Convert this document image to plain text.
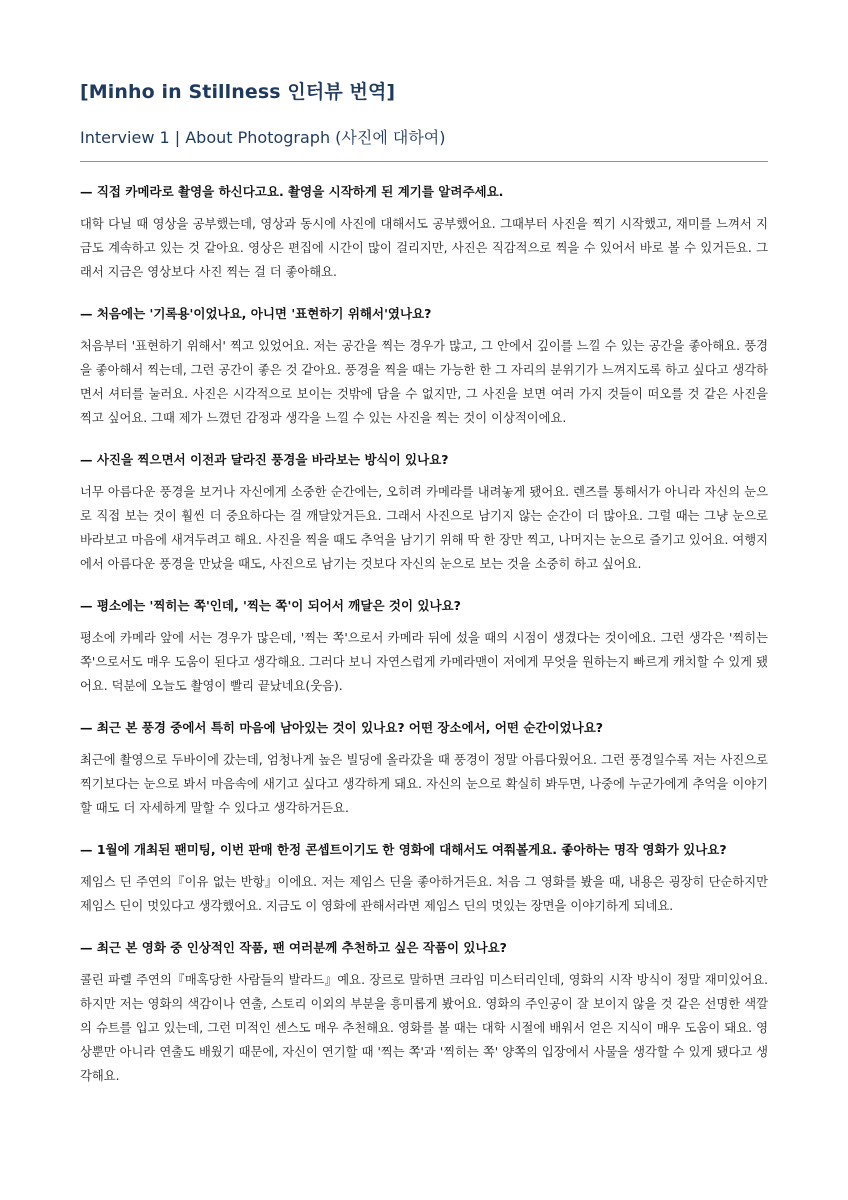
[Minho in Stillness 인터뷰 번역]
Interview 1 | About Photograph (사진에 대하여)

— 직접 카메라로 촬영을 하신다고요. 촬영을 시작하게 된 계기를 알려주세요.

대학 다닐 때 영상을 공부했는데, 영상과 동시에 사진에 대해서도 공부했어요. 그때부터 사진을 찍기 시작했고, 재미를 느껴서 지금도 계속하고 있는 것 같아요. 영상은 편집에 시간이 많이 걸리지만, 사진은 직감적으로 찍을 수 있어서 바로 볼 수 있거든요. 그래서 지금은 영상보다 사진 찍는 걸 더 좋아해요.

— 처음에는 '기록용'이었나요, 아니면 '표현하기 위해서'였나요?

처음부터 '표현하기 위해서' 찍고 있었어요. 저는 공간을 찍는 경우가 많고, 그 안에서 깊이를 느낄 수 있는 공간을 좋아해요. 풍경을 좋아해서 찍는데, 그런 공간이 좋은 것 같아요. 풍경을 찍을 때는 가능한 한 그 자리의 분위기가 느껴지도록 하고 싶다고 생각하면서 셔터를 눌러요. 사진은 시각적으로 보이는 것밖에 담을 수 없지만, 그 사진을 보면 여러 가지 것들이 떠오를 것 같은 사진을 찍고 싶어요. 그때 제가 느꼈던 감정과 생각을 느낄 수 있는 사진을 찍는 것이 이상적이에요.

— 사진을 찍으면서 이전과 달라진 풍경을 바라보는 방식이 있나요?

너무 아름다운 풍경을 보거나 자신에게 소중한 순간에는, 오히려 카메라를 내려놓게 됐어요. 렌즈를 통해서가 아니라 자신의 눈으로 직접 보는 것이 훨씬 더 중요하다는 걸 깨달았거든요. 그래서 사진으로 남기지 않는 순간이 더 많아요. 그럴 때는 그냥 눈으로 바라보고 마음에 새겨두려고 해요. 사진을 찍을 때도 추억을 남기기 위해 딱 한 장만 찍고, 나머지는 눈으로 즐기고 있어요. 여행지에서 아름다운 풍경을 만났을 때도, 사진으로 남기는 것보다 자신의 눈으로 보는 것을 소중히 하고 싶어요.

— 평소에는 '찍히는 쪽'인데, '찍는 쪽'이 되어서 깨달은 것이 있나요?

평소에 카메라 앞에 서는 경우가 많은데, '찍는 쪽'으로서 카메라 뒤에 섰을 때의 시점이 생겼다는 것이에요. 그런 생각은 '찍히는 쪽'으로서도 매우 도움이 된다고 생각해요. 그러다 보니 자연스럽게 카메라맨이 저에게 무엇을 원하는지 빠르게 캐치할 수 있게 됐어요. 덕분에 오늘도 촬영이 빨리 끝났네요(웃음).

— 최근 본 풍경 중에서 특히 마음에 남아있는 것이 있나요? 어떤 장소에서, 어떤 순간이었나요?

최근에 촬영으로 두바이에 갔는데, 엄청나게 높은 빌딩에 올라갔을 때 풍경이 정말 아름다웠어요. 그런 풍경일수록 저는 사진으로 찍기보다는 눈으로 봐서 마음속에 새기고 싶다고 생각하게 돼요. 자신의 눈으로 확실히 봐두면, 나중에 누군가에게 추억을 이야기할 때도 더 자세하게 말할 수 있다고 생각하거든요.

— 1월에 개최된 팬미팅, 이번 판매 한정 콘셉트이기도 한 영화에 대해서도 여쭤볼게요. 좋아하는 명작 영화가 있나요?

제임스 딘 주연의『이유 없는 반항』이에요. 저는 제임스 딘을 좋아하거든요. 처음 그 영화를 봤을 때, 내용은 굉장히 단순하지만 제임스 딘이 멋있다고 생각했어요. 지금도 이 영화에 관해서라면 제임스 딘의 멋있는 장면을 이야기하게 되네요.

— 최근 본 영화 중 인상적인 작품, 팬 여러분께 추천하고 싶은 작품이 있나요?

콜린 파렐 주연의『매혹당한 사람들의 발라드』예요. 장르로 말하면 크라임 미스터리인데, 영화의 시작 방식이 정말 재미있어요. 하지만 저는 영화의 색감이나 연출, 스토리 이외의 부분을 흥미롭게 봤어요. 영화의 주인공이 잘 보이지 않을 것 같은 선명한 색깔의 슈트를 입고 있는데, 그런 미적인 센스도 매우 추천해요. 영화를 볼 때는 대학 시절에 배워서 얻은 지식이 매우 도움이 돼요. 영상뿐만 아니라 연출도 배웠기 때문에, 자신이 연기할 때 '찍는 쪽'과 '찍히는 쪽' 양쪽의 입장에서 사물을 생각할 수 있게 됐다고 생각해요.
